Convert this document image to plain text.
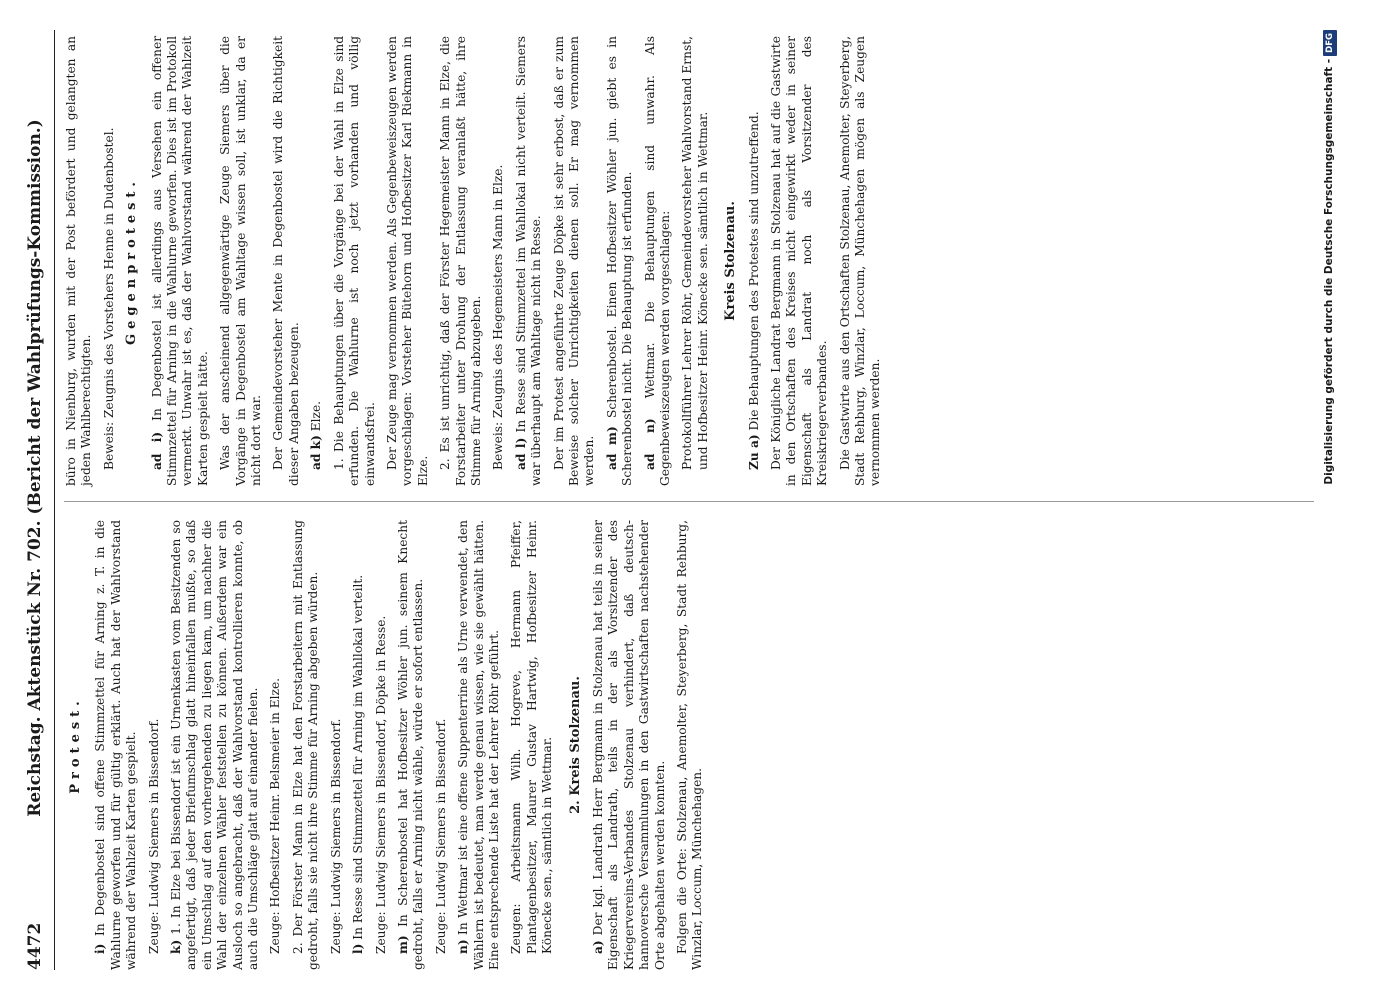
4472
Reichstag. Aktenstück Nr. 702. (Bericht der Wahlprüfungs-Kommission.) Protest.

i) In Degenbostel sind offene Stimmzettel für Arning z. T. in die Wahlurne geworfen und für gültig erklärt. Auch hat der Wahlvorstand während der Wahlzeit Karten gespielt. Zeuge: Ludwig Siemers in Bissendorf. k) 1. In Elze bei Bissendorf ist ein Urnenkasten vom Besitzenden so angefertigt, daß jeder Briefumschlag glatt hineinfallen mußte, so daß ein Umschlag auf den vorhergehenden zu liegen kam, um nachher die Wahl der einzelnen Wähler feststellen zu können. Außerdem war ein Ausloch so angebracht, daß der Wahlvorstand kontrollieren konnte, ob auch die Umschläge glatt auf einander fielen. Zeuge: Hofbesitzer Heinr. Belsmeier in Elze. 2. Der Förster Mann in Elze hat den Forstarbeitern mit Entlassung gedroht, falls sie nicht ihre Stimme für Arning abgeben würden. Zeuge: Ludwig Siemers in Bissendorf. l) In Resse sind Stimmzettel für Arning im Wahllokal verteilt. Zeuge: Ludwig Siemers in Bissendorf, Döpke in Resse. m) In Scherenbostel hat Hofbesitzer Wöhler jun. seinem Knecht gedroht, falls er Arning nicht wähle, würde er sofort entlassen. Zeuge: Ludwig Siemers in Bissendorf. n) In Wettmar ist eine offene Suppenterrine als Urne verwendet, den Wählern ist bedeutet, man werde genau wissen, wie sie gewählt hätten. Eine entsprechende Liste hat der Lehrer Röhr geführt. Zeugen: Arbeitsmann Wilh. Hogreve, Hermann Pfeiffer, Plantagenbesitzer, Maurer Gustav Hartwig, Hofbesitzer Heinr. Könecke sen., sämtlich in Wettmar. 2. Kreis Stolzenau.

a) Der kgl. Landrath Herr Bergmann in Stolzenau hat teils in seiner Eigenschaft als Landrath, teils in der als Vorsitzender des Kriegervereins-Verbandes Stolzenau verhindert, daß deutsch-hannoversche Versammlungen in den Gastwirtschaften nachstehender Orte abgehalten werden konnten. Folgen die Orte: Stolzenau, Anemolter, Steyerberg, Stadt Rehburg, Winzlar, Loccum, Münchehagen.

büro in Nienburg, wurden mit der Post befördert und gelangten an jeden Wahlberechtigten. Beweis: Zeugnis des Vorstehers Henne in Dudenbostel. Gegenprotest.

ad i) In Degenbostel ist allerdings aus Versehen ein offener Stimmzettel für Arning in die Wahlurne geworfen. Dies ist im Protokoll vermerkt. Unwahr ist es, daß der Wahlvorstand während der Wahlzeit Karten gespielt hätte. Was der anscheinend allgegenwärtige Zeuge Siemers über die Vorgänge in Degenbostel am Wahltage wissen soll, ist unklar, da er nicht dort war. Der Gemeindevorsteher Mente in Degenbostel wird die Richtigkeit dieser Angaben bezeugen. ad k) Elze. 1. Die Behauptungen über die Vorgänge bei der Wahl in Elze sind erfunden. Die Wahlurne ist noch jetzt vorhanden und völlig einwandsfrei. Der Zeuge mag vernommen werden. Als Gegenbeweiszeugen werden vorgeschlagen: Vorsteher Bütehorn und Hofbesitzer Karl Riekmann in Elze.

2. Es ist unrichtig, daß der Förster Hegemeister Mann in Elze, die Forstarbeiter unter Drohung der Entlassung veranlaßt hätte, ihre Stimme für Arning abzugeben. Beweis: Zeugnis des Hegemeisters Mann in Elze. ad l) In Resse sind Stimmzettel im Wahllokal nicht verteilt. Siemers war überhaupt am Wahltage nicht in Resse. Der im Protest angeführte Zeuge Döpke ist sehr erbost, daß er zum Beweise solcher Unrichtigkeiten dienen soll. Er mag vernommen werden. ad m) Scherenbostel. Einen Hofbesitzer Wöhler jun. giebt es in Scherenbostel nicht. Die Behauptung ist erfunden. ad n) Wettmar. Die Behauptungen sind unwahr. Als Gegenbeweiszeugen werden vorgeschlagen: Protokollführer Lehrer Röhr, Gemeindevorsteher Wahlvorstand Ernst, und Hofbesitzer Heinr. Könecke sen. sämtlich in Wettmar. Kreis Stolzenau.

Zu a) Die Behauptungen des Protestes sind unzutreffend. Der Königliche Landrat Bergmann in Stolzenau hat auf die Gastwirte in den Ortschaften des Kreises nicht eingewirkt weder in seiner Eigenschaft als Landrat noch als Vorsitzender des Kreiskriegerverbandes. Die Gastwirte aus den Ortschaften Stolzenau, Anemolter, Steyerberg, Stadt Rehburg, Winzlar, Loccum, Münchehagen mögen als Zeugen vernommen werden.	Digitalisierung gefördert durch die Deutsche Forschungsgemeinschaft -DFG
